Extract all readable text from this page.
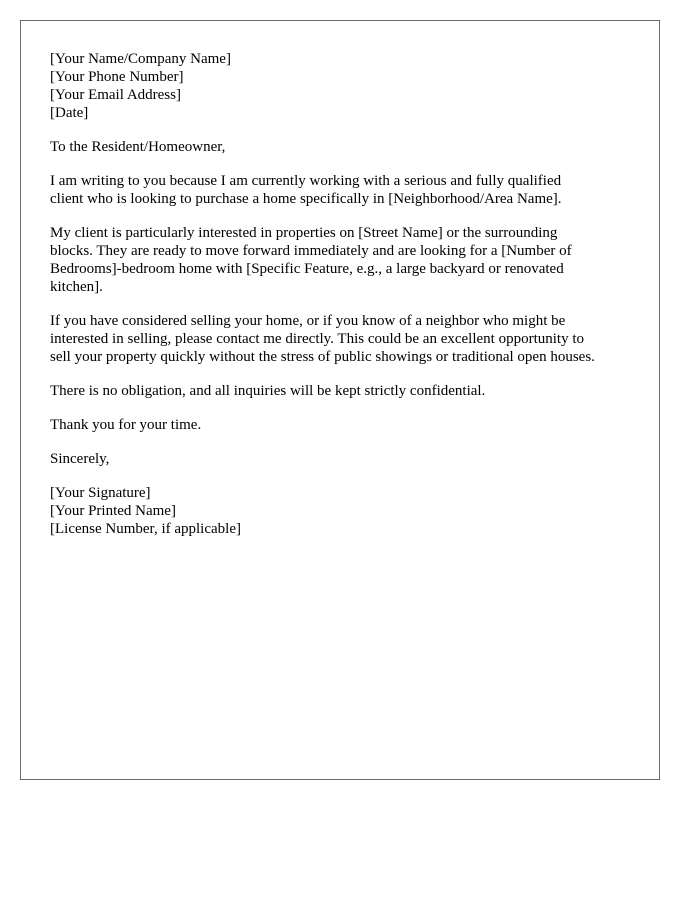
[Your Name/Company Name]
[Your Phone Number]
[Your Email Address]
[Date]
To the Resident/Homeowner,
I am writing to you because I am currently working with a serious and fully qualified
client who is looking to purchase a home specifically in [Neighborhood/Area Name].
My client is particularly interested in properties on [Street Name] or the surrounding
blocks. They are ready to move forward immediately and are looking for a [Number of
Bedrooms]-bedroom home with [Specific Feature, e.g., a large backyard or renovated
kitchen].
If you have considered selling your home, or if you know of a neighbor who might be
interested in selling, please contact me directly. This could be an excellent opportunity to
sell your property quickly without the stress of public showings or traditional open houses.
There is no obligation, and all inquiries will be kept strictly confidential.
Thank you for your time.
Sincerely,
[Your Signature]
[Your Printed Name]
[License Number, if applicable]
